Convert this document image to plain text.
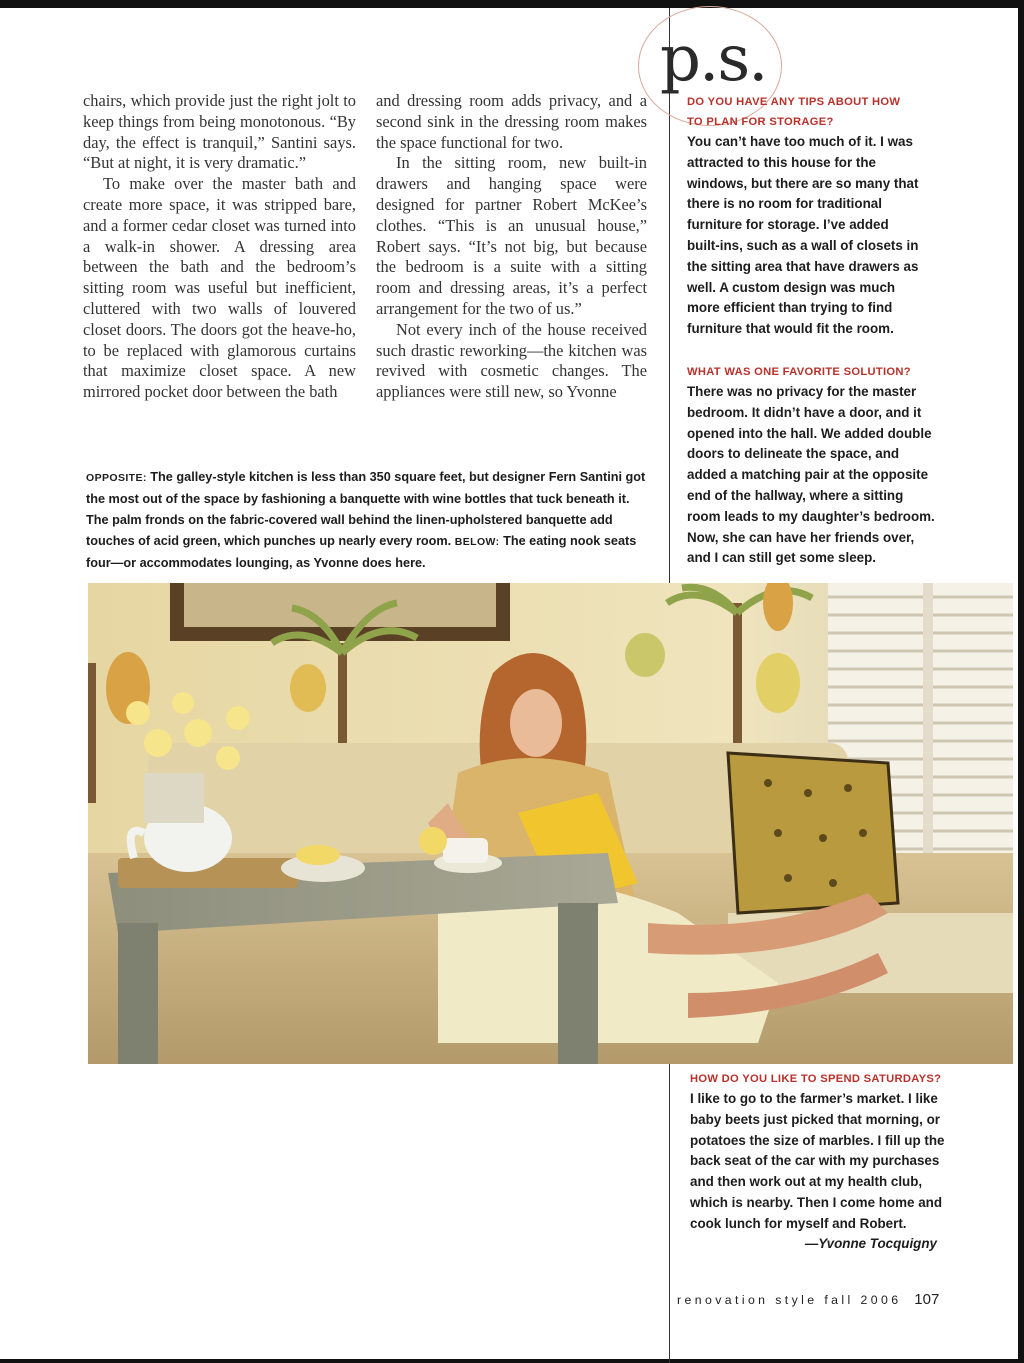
chairs, which provide just the right jolt to keep things from being monotonous. “By day, the effect is tranquil,” Santini says. “But at night, it is very dramatic.”

To make over the master bath and create more space, it was stripped bare, and a former cedar closet was turned into a walk-in shower. A dressing area between the bath and the bedroom’s sitting room was useful but inefficient, cluttered with two walls of louvered closet doors. The doors got the heave-ho, to be replaced with glamorous curtains that maximize closet space. A new mirrored pocket door between the bath

and dressing room adds privacy, and a second sink in the dressing room makes the space functional for two.

In the sitting room, new built-in drawers and hanging space were designed for partner Robert McKee’s clothes. “This is an unusual house,” Robert says. “It’s not big, but because the bedroom is a suite with a sitting room and dressing areas, it’s a perfect arrangement for the two of us.”

Not every inch of the house received such drastic reworking—the kitchen was revived with cosmetic changes. The appliances were still new, so Yvonne

p.s.

DO YOU HAVE ANY TIPS ABOUT HOW TO PLAN FOR STORAGE?

You can’t have too much of it. I was attracted to this house for the windows, but there are so many that there is no room for traditional furniture for storage. I’ve added built-ins, such as a wall of closets in the sitting area that have drawers as well. A custom design was much more efficient than trying to find furniture that would fit the room.

WHAT WAS ONE FAVORITE SOLUTION?

There was no privacy for the master bedroom. It didn’t have a door, and it opened into the hall. We added double doors to delineate the space, and added a matching pair at the opposite end of the hallway, where a sitting room leads to my daughter’s bedroom. Now, she can have her friends over, and I can still get some sleep.

OPPOSITE: The galley-style kitchen is less than 350 square feet, but designer Fern Santini got the most out of the space by fashioning a banquette with wine bottles that tuck beneath it. The palm fronds on the fabric-covered wall behind the linen-upholstered banquette add touches of acid green, which punches up nearly every room. BELOW: The eating nook seats four—or accommodates lounging, as Yvonne does here.

HOW DO YOU LIKE TO SPEND SATURDAYS?

I like to go to the farmer’s market. I like baby beets just picked that morning, or potatoes the size of marbles. I fill up the back seat of the car with my purchases and then work out at my health club, which is nearby. Then I come home and cook lunch for myself and Robert.

—Yvonne Tocquigny
renovation style fall 2006 107
